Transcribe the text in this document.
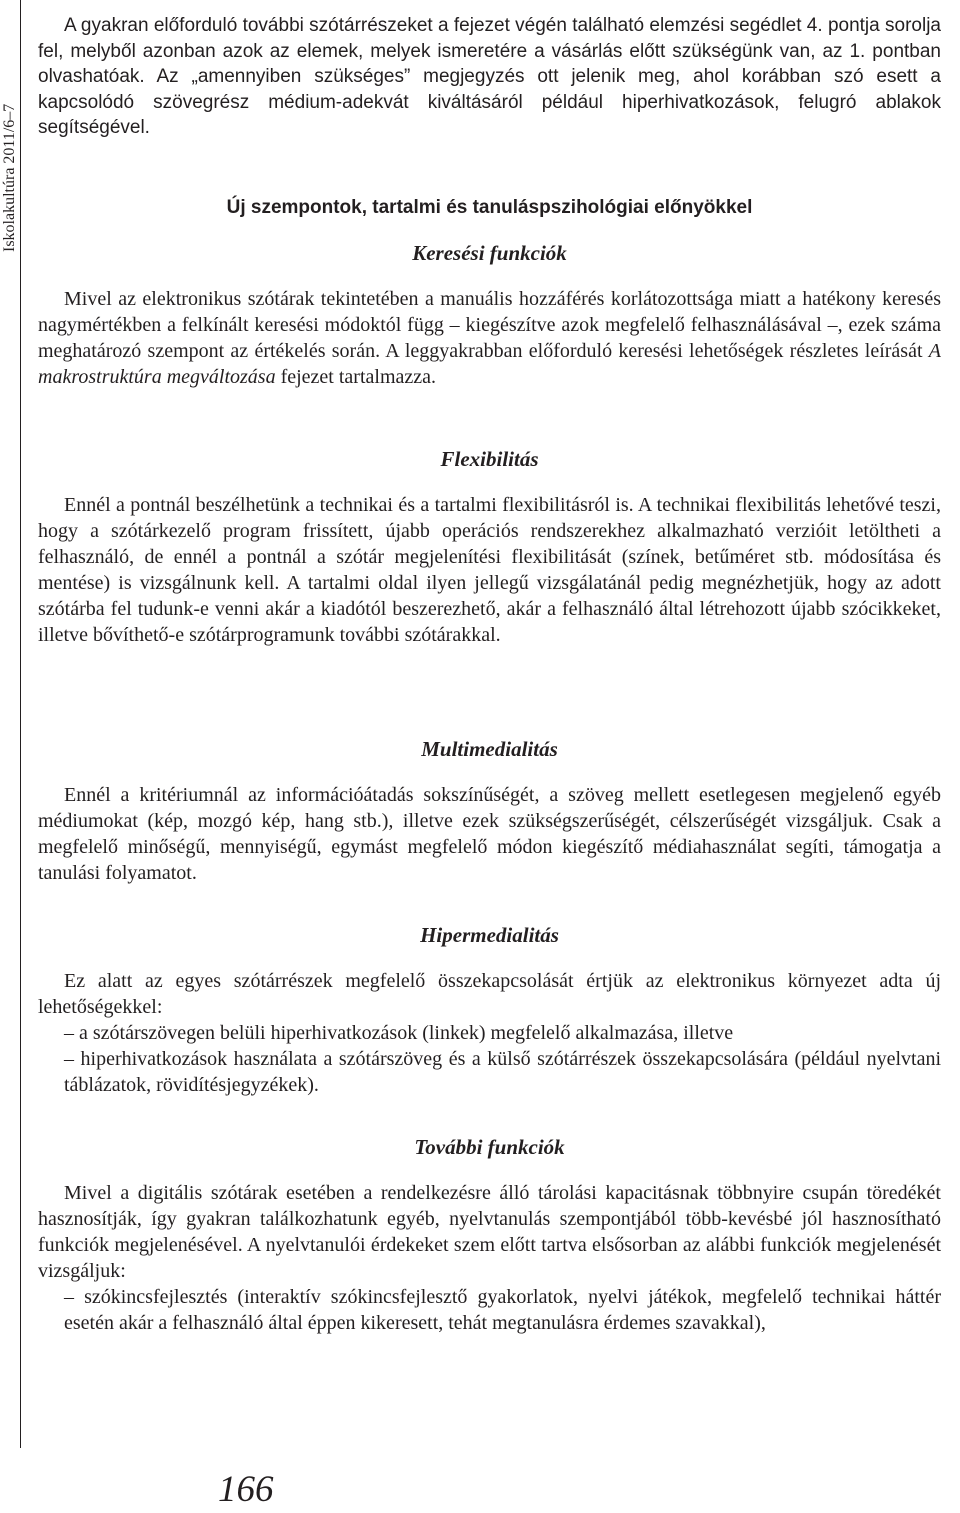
Iskolakultúra 2011/6–7

A gyakran előforduló további szótárrészeket a fejezet végén található elemzési segédlet 4. pontja sorolja fel, melyből azonban azok az elemek, melyek ismeretére a vásárlás előtt szükségünk van, az 1. pontban olvashatóak. Az „amennyiben szükséges” megjegyzés ott jelenik meg, ahol korábban szó esett a kapcsolódó szövegrész médium-adekvát kiváltásáról például hiperhivatkozások, felugró ablakok segítségével.

Új szempontok, tartalmi és tanuláspszihológiai előnyökkel
Keresési funkciók

Mivel az elektronikus szótárak tekintetében a manuális hozzáférés korlátozottsága miatt a hatékony keresés nagymértékben a felkínált keresési módoktól függ – kiegészítve azok megfelelő felhasználásával –, ezek száma meghatározó szempont az értékelés során. A leggyakrabban előforduló keresési lehetőségek részletes leírását A makrostruktúra megváltozása fejezet tartalmazza.

Flexibilitás

Ennél a pontnál beszélhetünk a technikai és a tartalmi flexibilitásról is. A technikai flexibilitás lehetővé teszi, hogy a szótárkezelő program frissített, újabb operációs rendszerekhez alkalmazható verzióit letöltheti a felhasználó, de ennél a pontnál a szótár megjelenítési flexibilitását (színek, betűméret stb. módosítása és mentése) is vizsgálnunk kell. A tartalmi oldal ilyen jellegű vizsgálatánál pedig megnézhetjük, hogy az adott szótárba fel tudunk-e venni akár a kiadótól beszerezhető, akár a felhasználó által létrehozott újabb szócikkeket, illetve bővíthető-e szótárprogramunk további szótárakkal.

Multimedialitás

Ennél a kritériumnál az információátadás sokszínűségét, a szöveg mellett esetlegesen megjelenő egyéb médiumokat (kép, mozgó kép, hang stb.), illetve ezek szükségszerűségét, célszerűségét vizsgáljuk. Csak a megfelelő minőségű, mennyiségű, egymást megfelelő módon kiegészítő médiahasználat segíti, támogatja a tanulási folyamatot.

Hipermedialitás

Ez alatt az egyes szótárrészek megfelelő összekapcsolását értjük az elektronikus környezet adta új lehetőségekkel:

– a szótárszövegen belüli hiperhivatkozások (linkek) megfelelő alkalmazása, illetve

– hiperhivatkozások használata a szótárszöveg és a külső szótárrészek összekapcsolására (például nyelvtani táblázatok, rövidítésjegyzékek).

További funkciók

Mivel a digitális szótárak esetében a rendelkezésre álló tárolási kapacitásnak többnyire csupán töredékét hasznosítják, így gyakran találkozhatunk egyéb, nyelvtanulás szempontjából több-kevésbé jól hasznosítható funkciók megjelenésével. A nyelvtanulói érdekeket szem előtt tartva elsősorban az alábbi funkciók megjelenését vizsgáljuk:

– szókincsfejlesztés (interaktív szókincsfejlesztő gyakorlatok, nyelvi játékok, megfelelő technikai háttér esetén akár a felhasználó által éppen kikeresett, tehát megtanulásra érdemes szavakkal),

166
